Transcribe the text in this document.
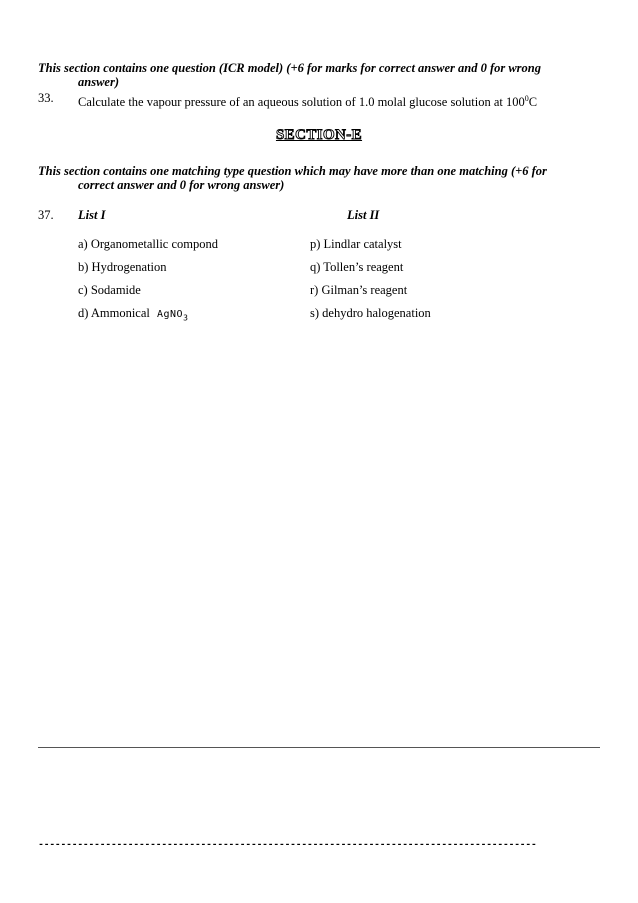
This section contains one question (ICR model) (+6 for marks for correct answer and 0 for wrong
answer)
33. Calculate the vapour pressure of an aqueous solution of 1.0 molal glucose solution at $100^0C$
SECTION-E
This section contains one matching type question which may have more than one matching (+6 for
correct answer and 0 for wrong answer)
37. List I	List II
a) Organometallic compond
b) Hydrogenation
c) Sodamide
d) Ammonical AgNO$_3$
p) Lindlar catalyst
q) Tollen’s reagent
r) Gilman’s reagent
s) dehydro halogenation
-----------------------------------------------------------------------------------------
